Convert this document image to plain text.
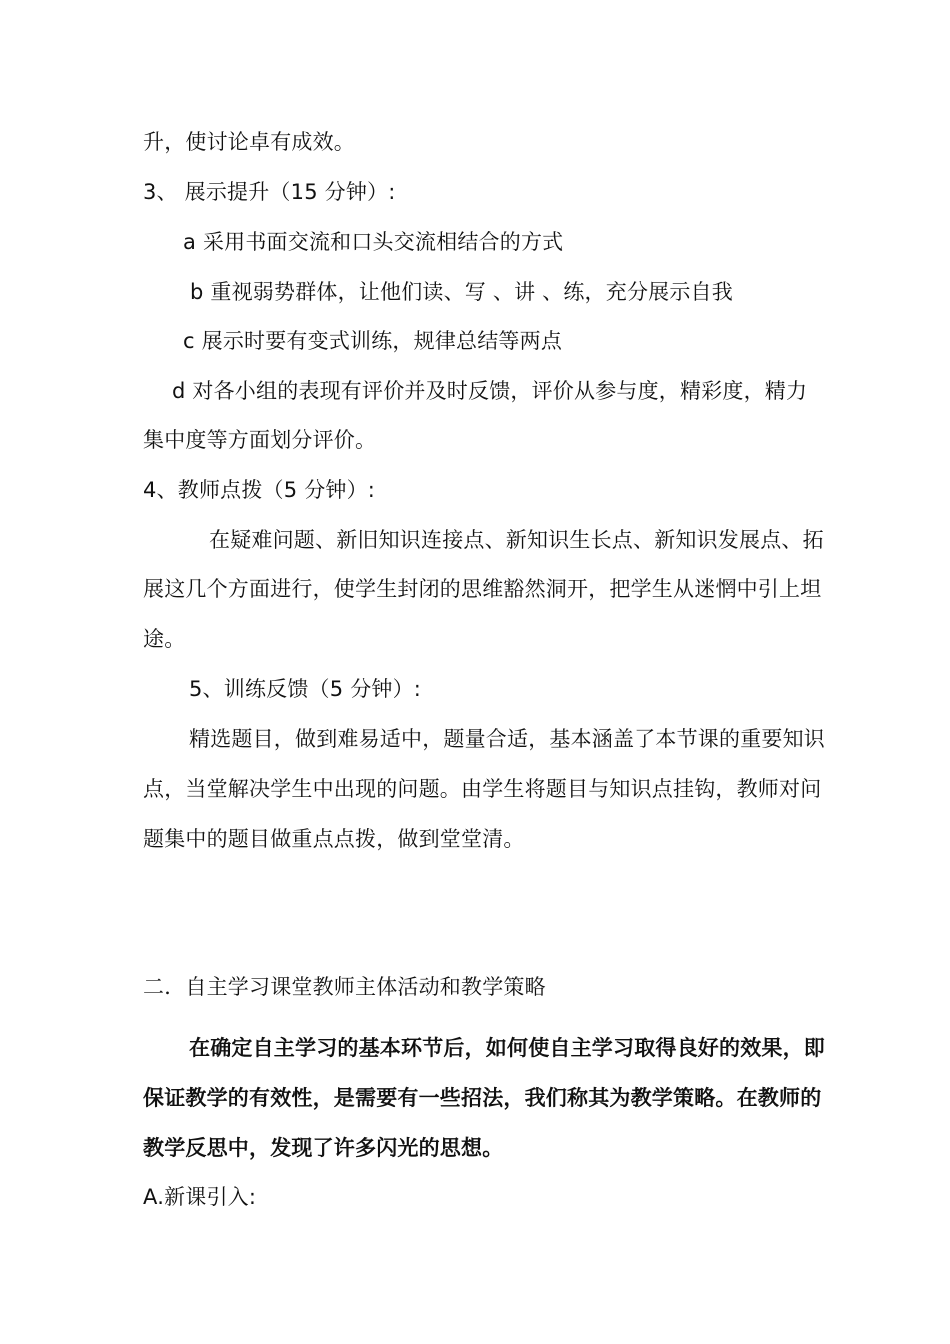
升，使讨论卓有成效。
3、 展示提升（15 分钟）:
a 采用书面交流和口头交流相结合的方式
b 重视弱势群体，让他们读、写 、讲 、练，充分展示自我
c 展示时要有变式训练，规律总结等两点
d 对各小组的表现有评价并及时反馈，评价从参与度，精彩度，精力
集中度等方面划分评价。
4、教师点拨（5 分钟）:
在疑难问题、新旧知识连接点、新知识生长点、新知识发展点、拓
展这几个方面进行，使学生封闭的思维豁然洞开，把学生从迷惘中引上坦
途。
5、训练反馈（5 分钟）:
精选题目，做到难易适中，题量合适，基本涵盖了本节课的重要知识
点，当堂解决学生中出现的问题。由学生将题目与知识点挂钩，教师对问
题集中的题目做重点点拨，做到堂堂清。
二．自主学习课堂教师主体活动和教学策略
在确定自主学习的基本环节后，如何使自主学习取得良好的效果，即
保证教学的有效性，是需要有一些招法，我们称其为教学策略。在教师的
教学反思中，发现了许多闪光的思想。
A.新课引入:
